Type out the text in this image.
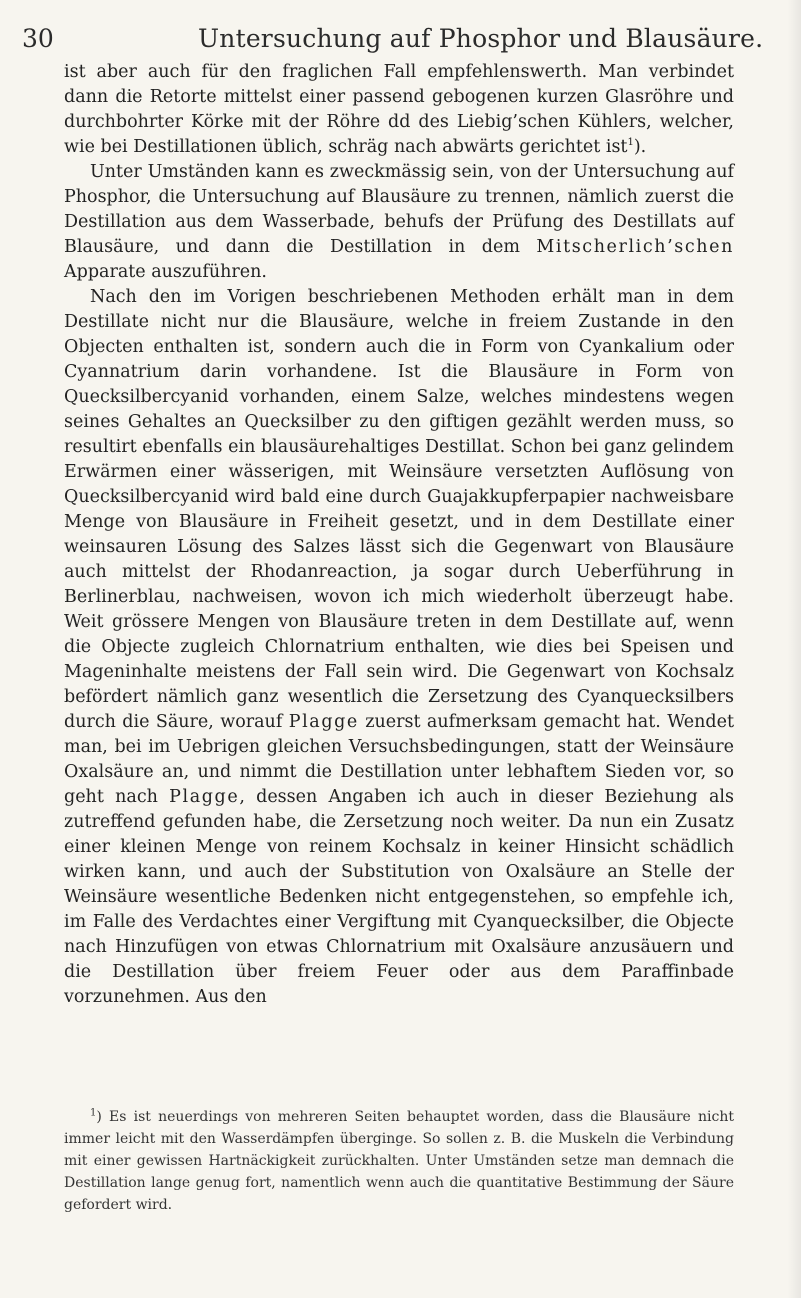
30	Untersuchung auf Phosphor und Blausäure.

ist aber auch für den fraglichen Fall empfehlenswerth. Man verbindet dann die Retorte mittelst einer passend gebogenen kurzen Glasröhre und durchbohrter Körke mit der Röhre dd des Liebig’schen Kühlers, welcher, wie bei Destillationen üblich, schräg nach abwärts gerichtet ist$^1$).

Unter Umständen kann es zweckmässig sein, von der Untersuchung auf Phosphor, die Untersuchung auf Blausäure zu trennen, nämlich zuerst die Destillation aus dem Wasserbade, behufs der Prüfung des Destillats auf Blausäure, und dann die Destillation in dem Mitscherlich’schen Apparate auszuführen.

Nach den im Vorigen beschriebenen Methoden erhält man in dem Destillate nicht nur die Blausäure, welche in freiem Zustande in den Objecten enthalten ist, sondern auch die in Form von Cyankalium oder Cyannatrium darin vorhandene. Ist die Blausäure in Form von Quecksilbercyanid vorhanden, einem Salze, welches mindestens wegen seines Gehaltes an Quecksilber zu den giftigen gezählt werden muss, so resultirt ebenfalls ein blausäurehaltiges Destillat. Schon bei ganz gelindem Erwärmen einer wässerigen, mit Weinsäure versetzten Auflösung von Quecksilbercyanid wird bald eine durch Guajakkupferpapier nachweisbare Menge von Blausäure in Freiheit gesetzt, und in dem Destillate einer weinsauren Lösung des Salzes lässt sich die Gegenwart von Blausäure auch mittelst der Rhodanreaction, ja sogar durch Ueberführung in Berlinerblau, nachweisen, wovon ich mich wiederholt überzeugt habe. Weit grössere Mengen von Blausäure treten in dem Destillate auf, wenn die Objecte zugleich Chlornatrium enthalten, wie dies bei Speisen und Mageninhalte meistens der Fall sein wird. Die Gegenwart von Kochsalz befördert nämlich ganz wesentlich die Zersetzung des Cyanquecksilbers durch die Säure, worauf Plagge zuerst aufmerksam gemacht hat. Wendet man, bei im Uebrigen gleichen Versuchsbedingungen, statt der Weinsäure Oxalsäure an, und nimmt die Destillation unter lebhaftem Sieden vor, so geht nach Plagge, dessen Angaben ich auch in dieser Beziehung als zutreffend gefunden habe, die Zersetzung noch weiter. Da nun ein Zusatz einer kleinen Menge von reinem Kochsalz in keiner Hinsicht schädlich wirken kann, und auch der Substitution von Oxalsäure an Stelle der Weinsäure wesentliche Bedenken nicht entgegenstehen, so empfehle ich, im Falle des Verdachtes einer Vergiftung mit Cyanquecksilber, die Objecte nach Hinzufügen von etwas Chlornatrium mit Oxalsäure anzusäuern und die Destillation über freiem Feuer oder aus dem Paraffinbade vorzunehmen. Aus den

$^1$) Es ist neuerdings von mehreren Seiten behauptet worden, dass die Blausäure nicht immer leicht mit den Wasserdämpfen überginge. So sollen z. B. die Muskeln die Verbindung mit einer gewissen Hartnäckigkeit zurückhalten. Unter Umständen setze man demnach die Destillation lange genug fort, namentlich wenn auch die quantitative Bestimmung der Säure gefordert wird.
